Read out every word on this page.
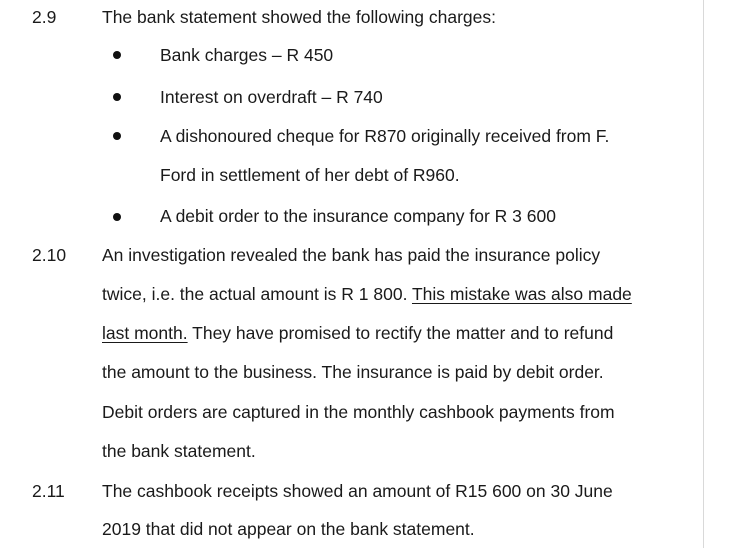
2.9	The bank statement showed the following charges:
Bank charges – R 450
Interest on overdraft – R 740
A dishonoured cheque for R870 originally received from F.
Ford in settlement of her debt of R960.
A debit order to the insurance company for R 3 600
2.10 An investigation revealed the bank has paid the insurance policy
twice, i.e. the actual amount is R 1 800. This mistake was also made
last month. They have promised to rectify the matter and to refund
the amount to the business. The insurance is paid by debit order.
Debit orders are captured in the monthly cashbook payments from
the bank statement.
2.11 The cashbook receipts showed an amount of R15 600 on 30 June
2019 that did not appear on the bank statement.
